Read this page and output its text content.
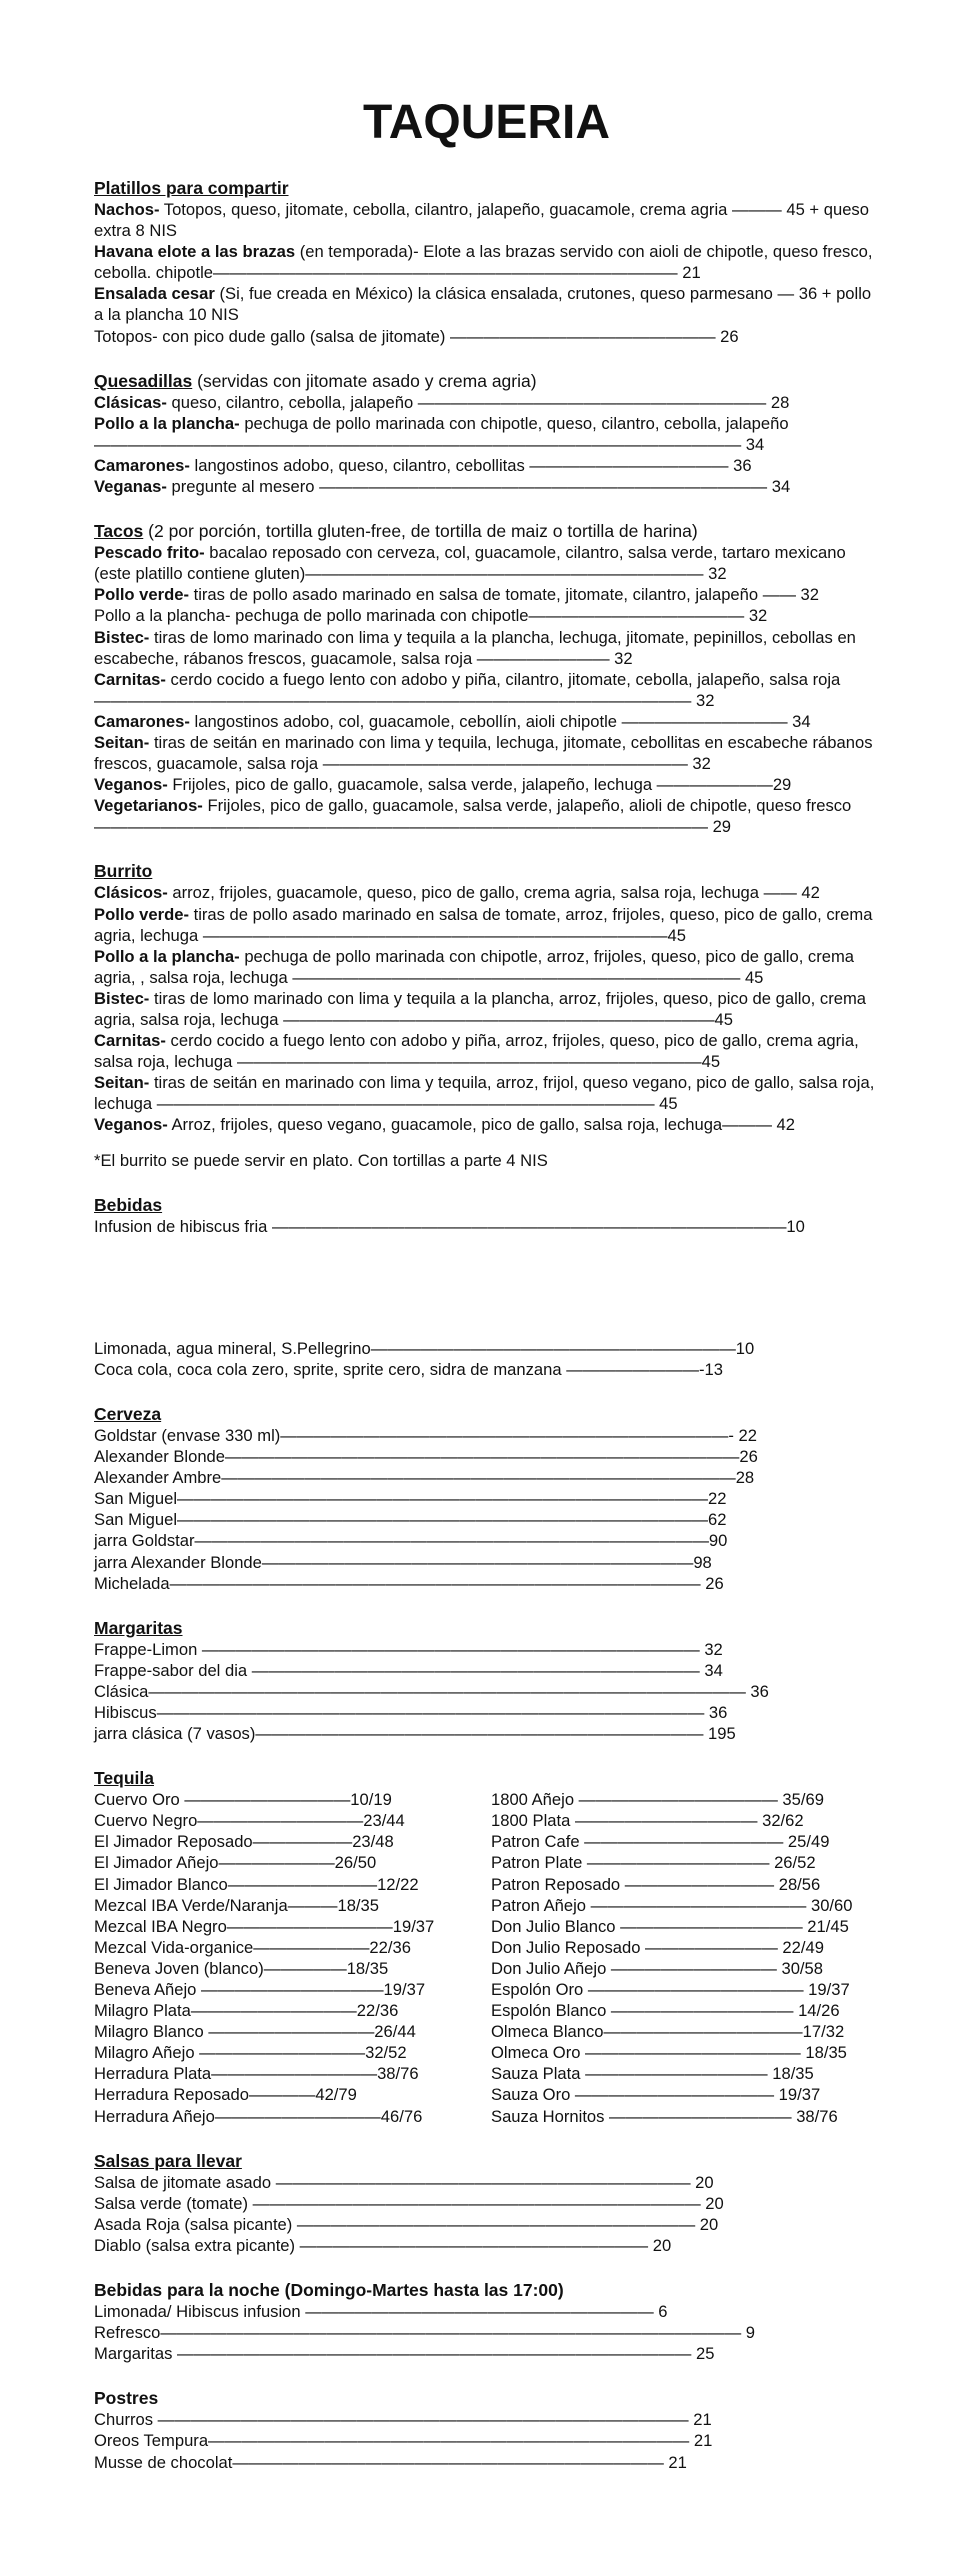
TAQUERIA
Platillos para compartir
Nachos- Totopos, queso, jitomate, cebolla, cilantro, jalapeño, guacamole, crema agria ——— 45 + queso extra 8 NIS
Havana elote a las brazas (en temporada)- Elote a las brazas servido con aioli de chipotle, queso fresco, cebolla. chipotle———————————————————————————— 21
Ensalada cesar (Si, fue creada en México) la clásica ensalada, crutones, queso parmesano — 36 + pollo a la plancha 10 NIS
Totopos- con pico dude gallo (salsa de jitomate) ———————————————— 26
Quesadillas (servidas con jitomate asado y crema agria)
Clásicas- queso, cilantro, cebolla, jalapeño ————————————————————— 28
Pollo a la plancha- pechuga de pollo marinada con chipotle, queso, cilantro, cebolla, jalapeño ——————————————————————————————————————— 34
Camarones- langostinos adobo, queso, cilantro, cebollitas ———————————— 36
Veganas- pregunte al mesero ——————————————————————————— 34
Tacos (2 por porción, tortilla gluten-free, de tortilla de maiz o tortilla de harina)
Pescado frito- bacalao reposado con cerveza, col, guacamole, cilantro, salsa verde, tartaro mexicano (este platillo contiene gluten)———————————————————————— 32
Pollo verde- tiras de pollo asado marinado en salsa de tomate, jitomate, cilantro, jalapeño —— 32
Pollo a la plancha- pechuga de pollo marinada con chipotle————————————— 32
Bistec- tiras de lomo marinado con lima y tequila a la plancha, lechuga, jitomate, pepinillos, cebollas en escabeche, rábanos frescos, guacamole, salsa roja ———————— 32
Carnitas- cerdo cocido a fuego lento con adobo y piña, cilantro, jitomate, cebolla, jalapeño, salsa roja ———————————————————————————————————— 32
Camarones- langostinos adobo, col, guacamole, cebollín, aioli chipotle —————————— 34
Seitan- tiras de seitán en marinado con lima y tequila, lechuga, jitomate, cebollitas en escabeche rábanos frescos, guacamole, salsa roja —————————————————————— 32
Veganos- Frijoles, pico de gallo, guacamole, salsa verde, jalapeño, lechuga ———————29
Vegetarianos- Frijoles, pico de gallo, guacamole, salsa verde, jalapeño, alioli de chipotle, queso fresco ————————————————————————————————————— 29
Burrito
Clásicos- arroz, frijoles, guacamole, queso, pico de gallo, crema agria, salsa roja, lechuga —— 42
Pollo verde- tiras de pollo asado marinado en salsa de tomate, arroz, frijoles, queso, pico de gallo, crema agria, lechuga ————————————————————————————45
Pollo a la plancha- pechuga de pollo marinada con chipotle, arroz, frijoles, queso, pico de gallo, crema agria, , salsa roja, lechuga ——————————————————————————— 45
Bistec- tiras de lomo marinado con lima y tequila a la plancha, arroz, frijoles, queso, pico de gallo, crema agria, salsa roja, lechuga ——————————————————————————45
Carnitas- cerdo cocido a fuego lento con adobo y piña, arroz, frijoles, queso, pico de gallo, crema agria, salsa roja, lechuga ————————————————————————————45
Seitan- tiras de seitán en marinado con lima y tequila, arroz, frijol, queso vegano, pico de gallo, salsa roja, lechuga —————————————————————————————— 45
Veganos- Arroz, frijoles, queso vegano, guacamole, pico de gallo, salsa roja, lechuga——— 42
*El burrito se puede servir en plato. Con tortillas a parte 4 NIS
Bebidas
Infusion de hibiscus fria ———————————————————————————————10
Limonada, agua mineral, S.Pellegrino——————————————————————10
Coca cola, coca cola zero, sprite, sprite cero, sidra de manzana ————————-13
Cerveza
Goldstar (envase 330 ml)———————————————————————————- 22
Alexander Blonde———————————————————————————————26
Alexander Ambre———————————————————————————————28
San Miguel————————————————————————————————22
San Miguel————————————————————————————————62
jarra Goldstar———————————————————————————————90
jarra Alexander Blonde——————————————————————————98
Michelada———————————————————————————————— 26
Margaritas
Frappe-Limon —————————————————————————————— 32
Frappe-sabor del dia ——————————————————————————— 34
Clásica———————————————————————————————————— 36
Hibiscus————————————————————————————————— 36
jarra clásica (7 vasos)——————————————————————————— 195
Tequila
Cuervo Oro ——————————10/19
Cuervo Negro——————————23/44
El Jimador Reposado——————23/48
El Jimador Añejo———————26/50
El Jimador Blanco—————————12/22
Mezcal IBA Verde/Naranja———18/35
Mezcal IBA Negro——————————19/37
Mezcal Vida-organice———————22/36
Beneva Joven (blanco)—————18/35
Beneva Añejo ———————————19/37
Milagro Plata——————————22/36
Milagro Blanco ——————————26/44
Milagro Añejo ——————————32/52
Herradura Plata——————————38/76
Herradura Reposado————42/79
Herradura Añejo——————————46/76
1800 Añejo ———————————— 35/69
1800 Plata ——————————— 32/62
Patron Cafe ———————————— 25/49
Patron Plate ——————————— 26/52
Patron Reposado ————————— 28/56
Patron Añejo ————————————— 30/60
Don Julio Blanco ——————————— 21/45
Don Julio Reposado ———————— 22/49
Don Julio Añejo —————————— 30/58
Espolón Oro ————————————— 19/37
Espolón Blanco ——————————— 14/26
Olmeca Blanco————————————17/32
Olmeca Oro ————————————— 18/35
Sauza Plata ——————————— 18/35
Sauza Oro ———————————— 19/37
Sauza Hornitos ——————————— 38/76
Salsas para llevar
Salsa de jitomate asado ————————————————————————— 20
Salsa verde (tomate) ——————————————————————————— 20
Asada Roja (salsa picante) ———————————————————————— 20
Diablo (salsa extra picante) ————————————————————— 20
Bebidas para la noche (Domingo-Martes hasta las 17:00)
Limonada/ Hibiscus infusion ————————————————————— 6
Refresco——————————————————————————————————— 9
Margaritas ——————————————————————————————— 25
Postres
Churros ———————————————————————————————— 21
Oreos Tempura————————————————————————————— 21
Musse de chocolat—————————————————————————— 21
